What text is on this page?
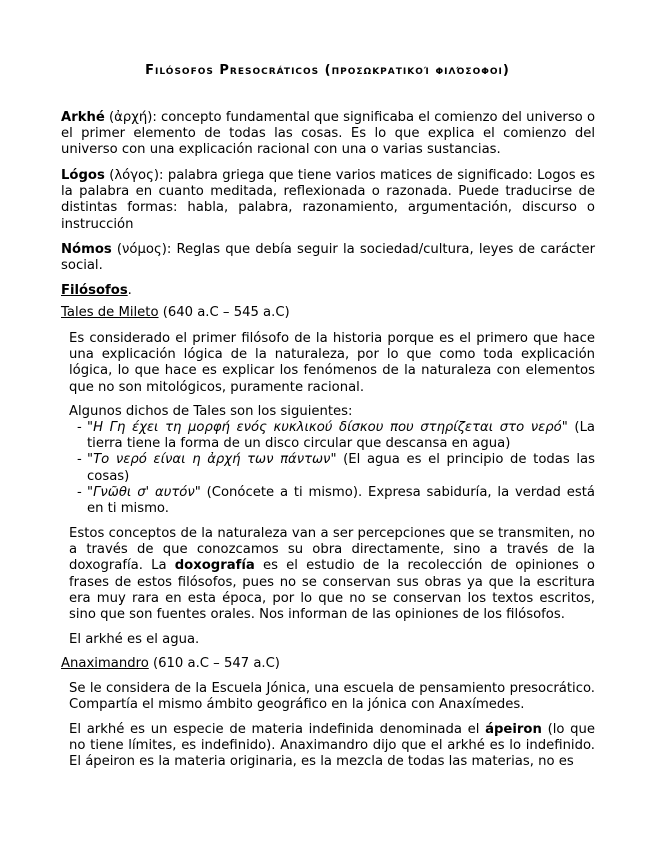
Filósofos Presocráticos (προσωκρατικοί φιλόσοφοι)

Arkhé (ἀρχή): concepto fundamental que significaba el comienzo del universo o el primer elemento de todas las cosas. Es lo que explica el comienzo del universo con una explicación racional con una o varias sustancias.

Lógos (λόγος): palabra griega que tiene varios matices de significado: Logos es la palabra en cuanto meditada, reflexionada o razonada. Puede traducirse de distintas formas: habla, palabra, razonamiento, argumentación, discurso o instrucción

Nómos (νόμος): Reglas que debía seguir la sociedad/cultura, leyes de carácter social.

Filósofos.

Tales de Mileto (640 a.C – 545 a.C)

Es considerado el primer filósofo de la historia porque es el primero que hace una explicación lógica de la naturaleza, por lo que como toda explicación lógica, lo que hace es explicar los fenómenos de la naturaleza con elementos que no son mitológicos, puramente racional.

Algunos dichos de Tales son los siguientes:

- "Η Γη έχει τη μορφή ενός κυκλικού δίσκου που στηρίζεται στο νερό" (La tierra tiene la forma de un disco circular que descansa en agua)
- "Το νερό είναι η ἀρχή των πάντων" (El agua es el principio de todas las cosas)
- "Γνῶθι σ' αυτόν" (Conócete a ti mismo). Expresa sabiduría, la verdad está en ti mismo.

Estos conceptos de la naturaleza van a ser percepciones que se transmiten, no a través de que conozcamos su obra directamente, sino a través de la doxografía. La doxografía es el estudio de la recolección de opiniones o frases de estos filósofos, pues no se conservan sus obras ya que la escritura era muy rara en esta época, por lo que no se conservan los textos escritos, sino que son fuentes orales. Nos informan de las opiniones de los filósofos.

El arkhé es el agua.

Anaximandro (610 a.C – 547 a.C)

Se le considera de la Escuela Jónica, una escuela de pensamiento presocrático. Compartía el mismo ámbito geográfico en la jónica con Anaxímedes.

El arkhé es un especie de materia indefinida denominada el ápeiron (lo que no tiene límites, es indefinido). Anaximandro dijo que el arkhé es lo indefinido. El ápeiron es la materia originaria, es la mezcla de todas las materias, no es
